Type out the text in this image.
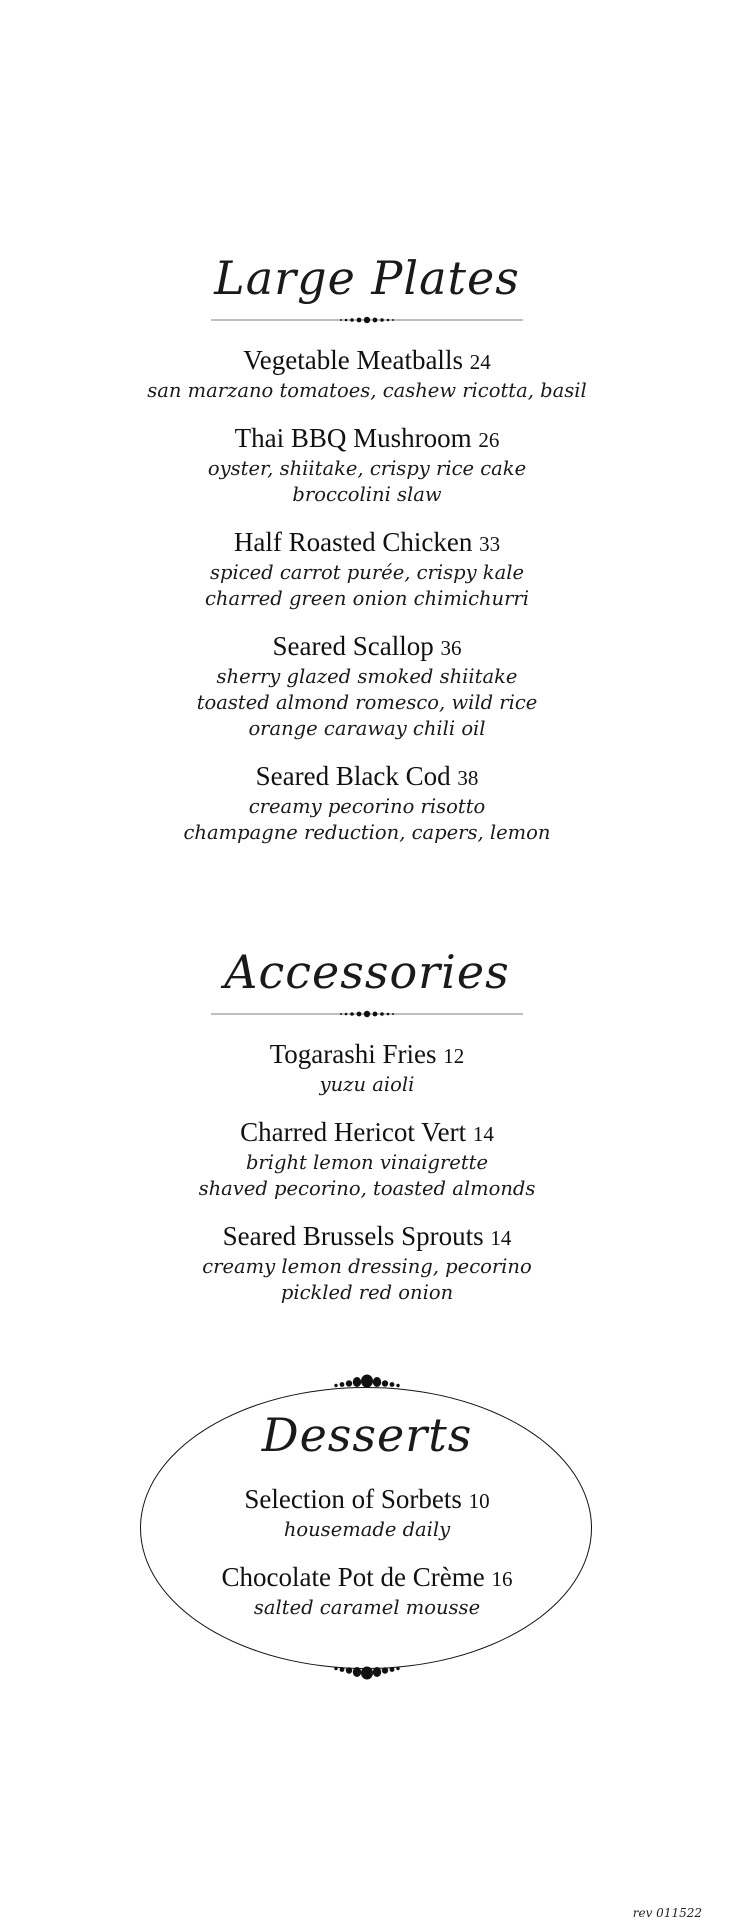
Large Plates
Vegetable Meatballs 24
san marzano tomatoes, cashew ricotta, basil
Thai BBQ Mushroom 26
oyster, shiitake, crispy rice cake
broccolini slaw
Half Roasted Chicken 33
spiced carrot purée, crispy kale
charred green onion chimichurri
Seared Scallop 36
sherry glazed smoked shiitake
toasted almond romesco, wild rice
orange caraway chili oil
Seared Black Cod 38
creamy pecorino risotto
champagne reduction, capers, lemon
Accessories
Togarashi Fries 12
yuzu aioli
Charred Hericot Vert 14
bright lemon vinaigrette
shaved pecorino, toasted almonds
Seared Brussels Sprouts 14
creamy lemon dressing, pecorino
pickled red onion
Desserts
Selection of Sorbets 10
housemade daily
Chocolate Pot de Crème 16
salted caramel mousse
rev 011522
